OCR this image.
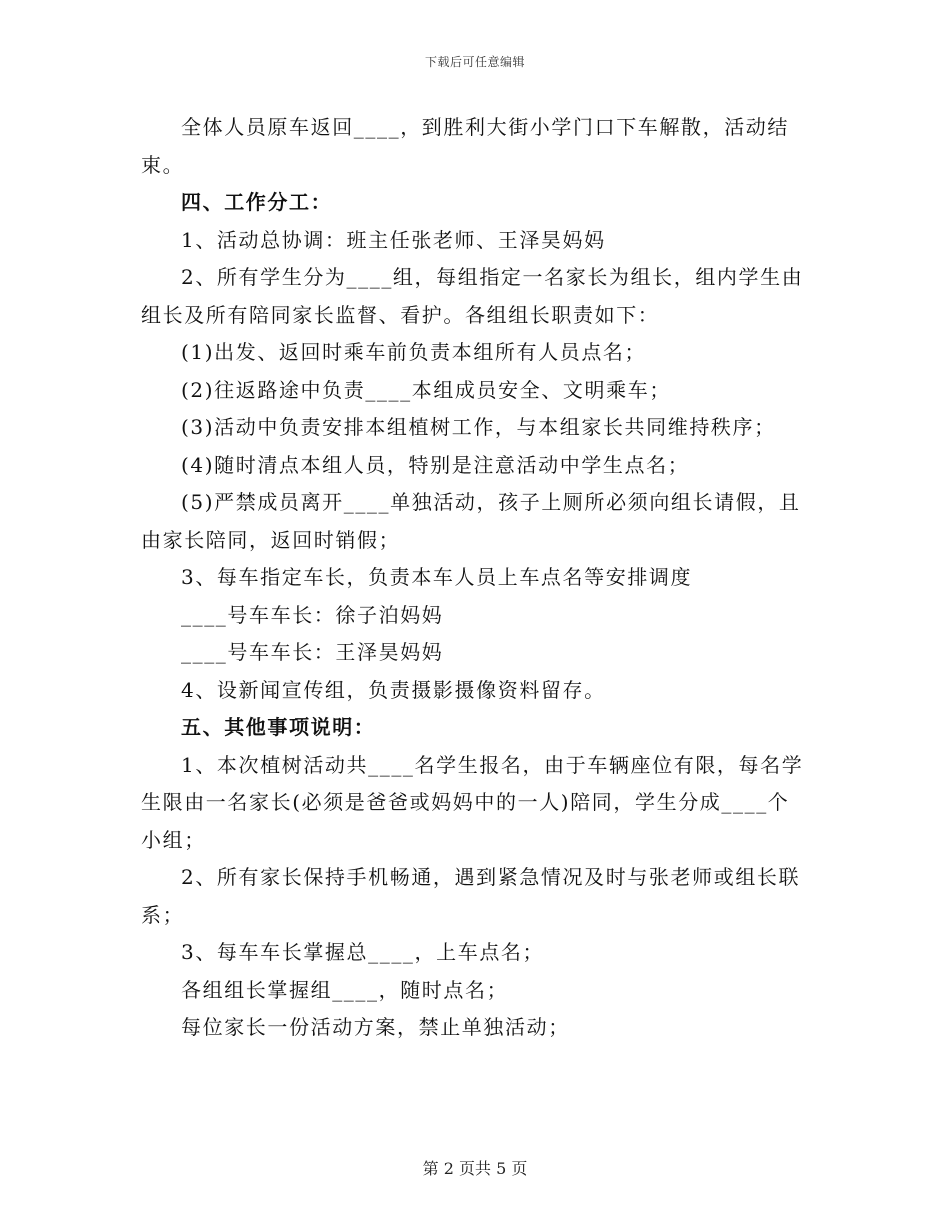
下载后可任意编辑

全体人员原车返回____，到胜利大街小学门口下车解散，活动结束。

四、工作分工：

1、活动总协调：班主任张老师、王泽昊妈妈

2、所有学生分为____组，每组指定一名家长为组长，组内学生由组长及所有陪同家长监督、看护。各组组长职责如下：

(1)出发、返回时乘车前负责本组所有人员点名；

(2)往返路途中负责____本组成员安全、文明乘车；

(3)活动中负责安排本组植树工作，与本组家长共同维持秩序；

(4)随时清点本组人员，特别是注意活动中学生点名；

(5)严禁成员离开____单独活动，孩子上厕所必须向组长请假，且由家长陪同，返回时销假；

3、每车指定车长，负责本车人员上车点名等安排调度

____号车车长：徐子泊妈妈

____号车车长：王泽昊妈妈

4、设新闻宣传组，负责摄影摄像资料留存。

五、其他事项说明：

1、本次植树活动共____名学生报名，由于车辆座位有限，每名学生限由一名家长(必须是爸爸或妈妈中的一人)陪同，学生分成____个小组；

2、所有家长保持手机畅通，遇到紧急情况及时与张老师或组长联系；

3、每车车长掌握总____，上车点名；

各组组长掌握组____，随时点名；

每位家长一份活动方案，禁止单独活动；

第 2 页共 5 页
